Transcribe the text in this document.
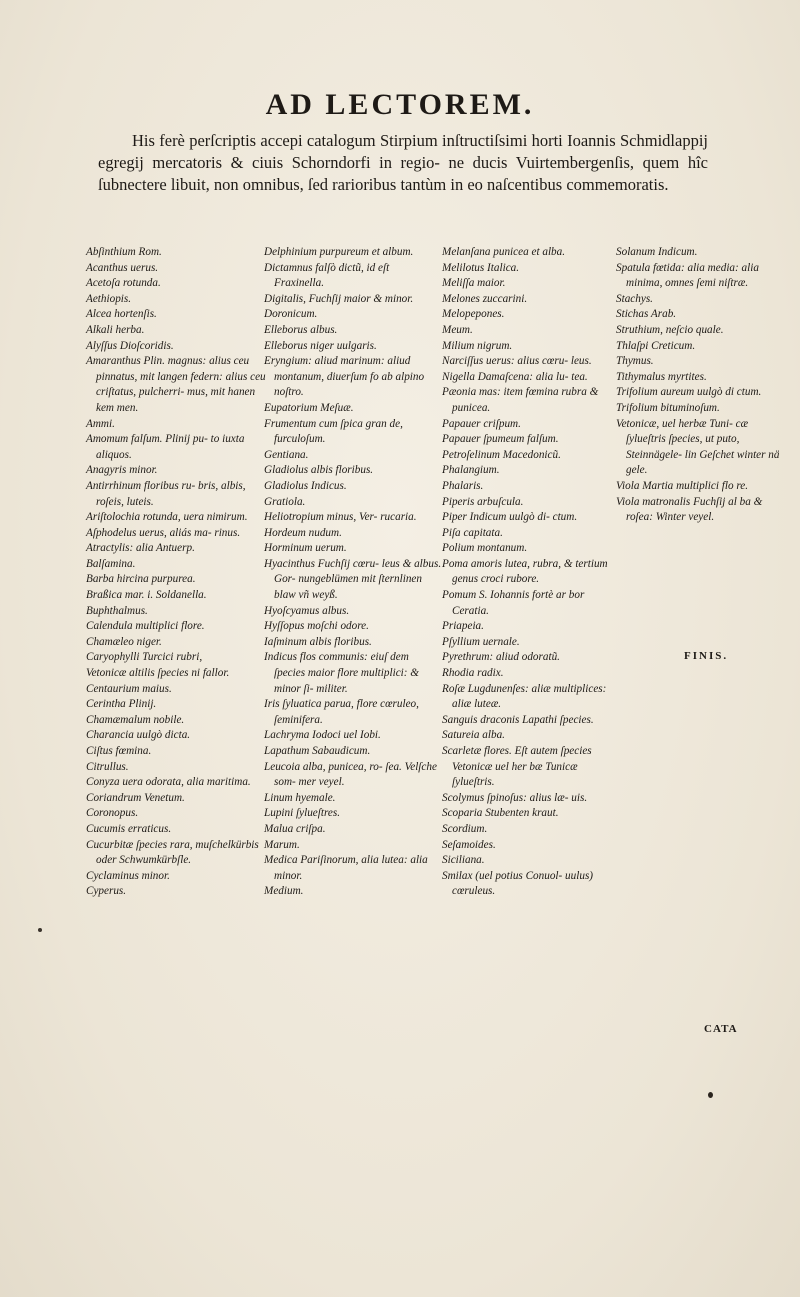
AD LECTOREM.

His ferè perſcriptis accepi catalogum Stirpium inſtructiſsimi horti Ioannis Schmidlappij egregij mercatoris & ciuis Schorndorfi in regio- ne ducis Vuirtembergenſis, quem hîc ſubnectere libuit, non omnibus, ſed rarioribus tantùm in eo naſcentibus commemoratis.

Abſinthium Rom.

Acanthus uerus.

Acetoſa rotunda.

Aethiopis.

Alcea hortenſis.

Alkali herba.

Alyſſus Dioſcoridis.

Amaranthus Plin. magnus: alius ceu pinnatus, mit langen federn: alius ceu criſtatus, pulcherri- mus, mit hanen kem men.

Ammi.

Amomum falſum. Plinij pu- to iuxta aliquos.

Anagyris minor.

Antirrhinum floribus ru- bris, albis, roſeis, luteis.

Ariſtolochia rotunda, uera nimirum.

Aſphodelus uerus, aliás ma- rinus.

Atractylis: alia Antuerp.

Balſamina.

Barba hircina purpurea.

Braßica mar. i. Soldanella.

Buphthalmus.

Calendula multiplici flore.

Chamæleo niger.

Caryophylli Turcici rubri,

Vetonicæ altilis ſpecies ni fallor.

Centaurium maius.

Cerintha Plinij.

Chamæmalum nobile.

Charancia uulgò dicta.

Ciſtus fœmina.

Citrullus.

Conyza uera odorata, alia maritima.

Coriandrum Venetum.

Coronopus.

Cucumis erraticus.

Cucurbitæ ſpecies rara, muſchelkürbis oder Schwumkürbſle.

Cyclaminus minor.

Cyperus.

Delphinium purpureum et album.

Dictamnus falſò dictũ, id eſt Fraxinella.

Digitalis, Fuchſij maior & minor.

Doronicum.

Elleborus albus.

Elleborus niger uulgaris.

Eryngium: aliud marinum: aliud montanum, diuerſum fo ab alpino noſtro.

Eupatorium Meſuæ.

Frumentum cum ſpica gran de, furculoſum.

Gentiana.

Gladiolus albis floribus.

Gladiolus Indicus.

Gratiola.

Heliotropium minus, Ver- rucaria.

Hordeum nudum.

Horminum uerum.

Hyacinthus Fuchſij cœru- leus & albus. Gor- nungeblümen mit ſternlinen blaw vñ weyß.

Hyoſcyamus albus.

Hyſſopus moſchi odore.

Iaſminum albis floribus.

Indicus flos communis: eiuſ dem ſpecies maior flore multiplici: & minor ſi- militer.

Iris ſyluatica parua, flore cœruleo, ſeminifera.

Lachryma Iodoci uel Iobi.

Lapathum Sabaudicum.

Leucoia alba, punicea, ro- ſea. Velſche som- mer veyel.

Linum hyemale.

Lupini ſylueſtres.

Malua criſpa.

Marum.

Medica Pariſinorum, alia lutea: alia minor.

Medium.

Melanſana punicea et alba.

Melilotus Italica.

Meliſſa maior.

Melones zuccarini.

Melopepones.

Meum.

Milium nigrum.

Narciſſus uerus: alius cœru- leus.

Nigella Damaſcena: alia lu- tea.

Pæonia mas: item fœmina rubra & punicea.

Papauer criſpum.

Papauer ſpumeum falſum.

Petroſelinum Macedonicũ.

Phalangium.

Phalaris.

Piperis arbuſcula.

Piper Indicum uulgò di- ctum.

Piſa capitata.

Polium montanum.

Poma amoris lutea, rubra, & tertium genus croci rubore.

Pomum S. Iohannis fortè ar bor Ceratia.

Priapeia.

Pſyllium uernale.

Pyrethrum: aliud odoratũ.

Rhodia radix.

Roſæ Lugdunenſes: aliæ multiplices: aliæ luteæ.

Sanguis draconis Lapathi ſpecies.

Satureia alba.

Scarletæ flores. Eſt autem ſpecies Vetonicæ uel her bæ Tunicæ ſylueſtris.

Scolymus ſpinoſus: alius læ- uis.

Scoparia Stubenten kraut.

Scordium.

Seſamoides.

Siciliana.

Smilax (uel potius Conuol- uulus) cœruleus.

Solanum Indicum.

Spatula fœtida: alia media: alia minima, omnes ſemi niſtræ.

Stachys.

Stichas Arab.

Struthium, neſcio quale.

Thlaſpi Creticum.

Thymus.

Tithymalus myrtites.

Trifolium aureum uulgò di ctum.

Trifolium bituminoſum.

Vetonicæ, uel herbæ Tuni- cæ ſylueſtris ſpecies, ut puto, Steinnägele- lin Geſchet winter nä gele.

Viola Martia multiplici flo re.

Viola matronalis Fuchſij al ba & roſea: Winter veyel.

FINIS.
CATA
